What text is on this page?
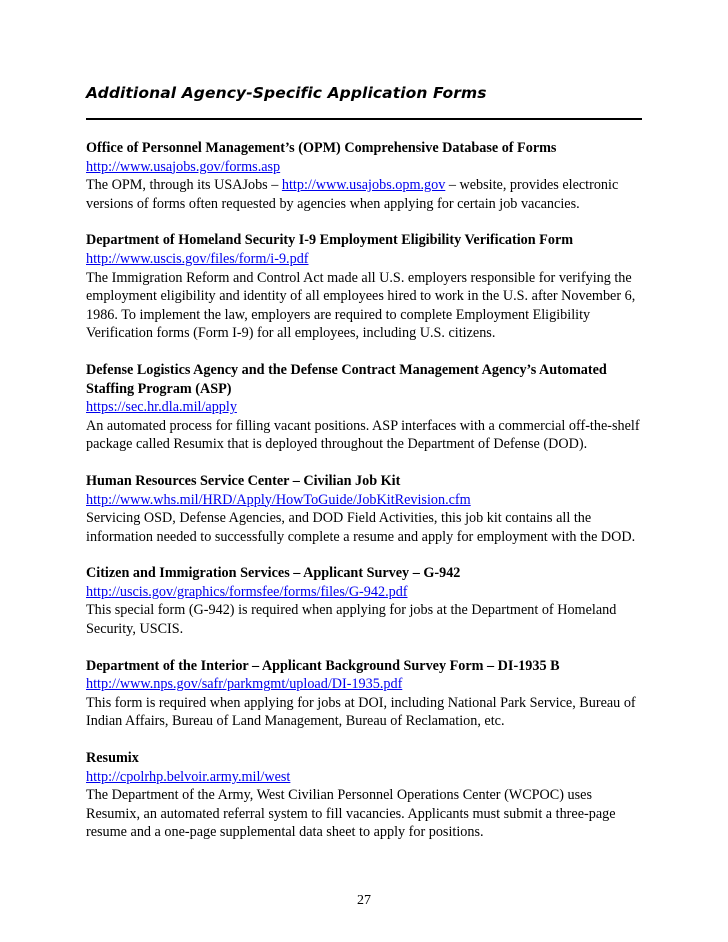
Additional Agency-Specific Application Forms

Office of Personnel Management’s (OPM) Comprehensive Database of Forms

http://www.usajobs.gov/forms.asp
The OPM, through its USAJobs – http://www.usajobs.opm.gov – website, provides electronic versions of forms often requested by agencies when applying for certain job vacancies.

Department of Homeland Security I-9 Employment Eligibility Verification Form

http://www.uscis.gov/files/form/i-9.pdf
The Immigration Reform and Control Act made all U.S. employers responsible for verifying the employment eligibility and identity of all employees hired to work in the U.S. after November 6, 1986. To implement the law, employers are required to complete Employment Eligibility Verification forms (Form I-9) for all employees, including U.S. citizens.

Defense Logistics Agency and the Defense Contract Management Agency’s Automated Staffing Program (ASP)

https://sec.hr.dla.mil/apply
An automated process for filling vacant positions. ASP interfaces with a commercial off-the-shelf package called Resumix that is deployed throughout the Department of Defense (DOD).

Human Resources Service Center – Civilian Job Kit

http://www.whs.mil/HRD/Apply/HowToGuide/JobKitRevision.cfm
Servicing OSD, Defense Agencies, and DOD Field Activities, this job kit contains all the information needed to successfully complete a resume and apply for employment with the DOD.

Citizen and Immigration Services – Applicant Survey – G-942

http://uscis.gov/graphics/formsfee/forms/files/G-942.pdf
This special form (G-942) is required when applying for jobs at the Department of Homeland Security, USCIS.

Department of the Interior – Applicant Background Survey Form – DI-1935 B

http://www.nps.gov/safr/parkmgmt/upload/DI-1935.pdf
This form is required when applying for jobs at DOI, including National Park Service, Bureau of Indian Affairs, Bureau of Land Management, Bureau of Reclamation, etc.

Resumix

http://cpolrhp.belvoir.army.mil/west
The Department of the Army, West Civilian Personnel Operations Center (WCPOC) uses Resumix, an automated referral system to fill vacancies. Applicants must submit a three-page resume and a one-page supplemental data sheet to apply for positions.
27
